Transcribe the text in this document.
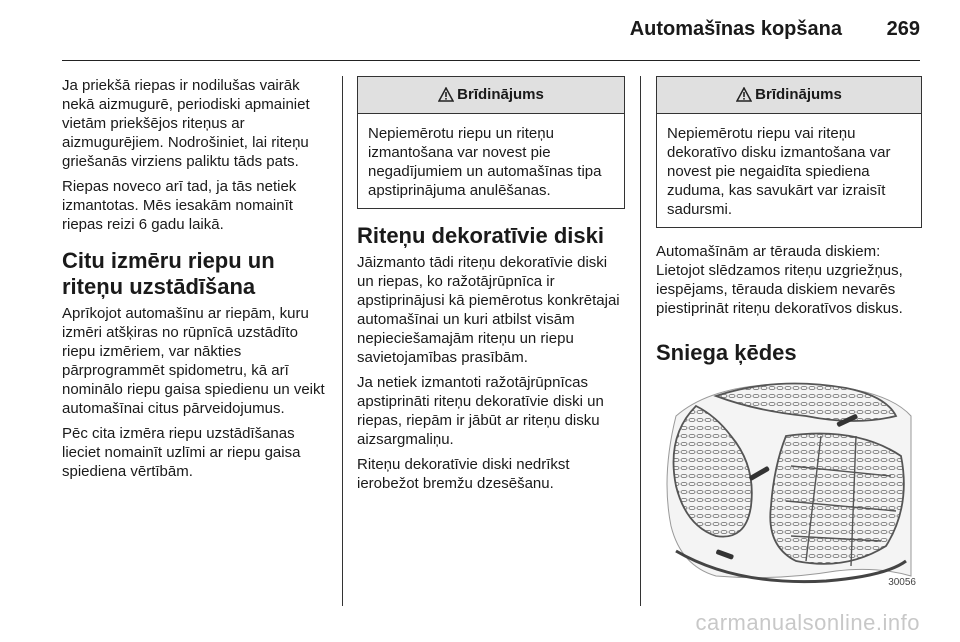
Automašīnas kopšana 269

Ja priekšā riepas ir nodilušas vairāk nekā aizmugurē, periodiski apmainiet vietām priekšējos riteņus ar aizmugurējiem. Nodrošiniet, lai riteņu griešanās virziens paliktu tāds pats.

Riepas noveco arī tad, ja tās netiek izmantotas. Mēs iesakām nomainīt riepas reizi 6 gadu laikā.

Citu izmēru riepu un riteņu uzstādīšana

Aprīkojot automašīnu ar riepām, kuru izmēri atšķiras no rūpnīcā uzstādīto riepu izmēriem, var nākties pārprogrammēt spidometru, kā arī nominālo riepu gaisa spiedienu un veikt automašīnai citus pārveidojumus.

Pēc cita izmēra riepu uzstādīšanas lieciet nomainīt uzlīmi ar riepu gaisa spiediena vērtībām.

Brīdinājums
Nepiemērotu riepu un riteņu izmantošana var novest pie negadījumiem un automašīnas tipa apstiprinājuma anulēšanas.
Riteņu dekoratīvie diski

Jāizmanto tādi riteņu dekoratīvie diski un riepas, ko ražotājrūpnīca ir apstiprinājusi kā piemērotus konkrētajai automašīnai un kuri atbilst visām nepieciešamajām riteņu un riepu savietojamības prasībām.

Ja netiek izmantoti ražotājrūpnīcas apstiprināti riteņu dekoratīvie diski un riepas, riepām ir jābūt ar riteņu disku aizsargmaliņu.

Riteņu dekoratīvie diski nedrīkst ierobežot bremžu dzesēšanu.

Brīdinājums
Nepiemērotu riepu vai riteņu dekoratīvo disku izmantošana var novest pie negaidīta spiediena zuduma, kas savukārt var izraisīt sadursmi.

Automašīnām ar tērauda diskiem: Lietojot slēdzamos riteņu uzgriežņus, iespējams, tērauda diskiem nevarēs piestiprināt riteņu dekoratīvos diskus.

Sniega ķēdes
30056
carmanualsonline.info
